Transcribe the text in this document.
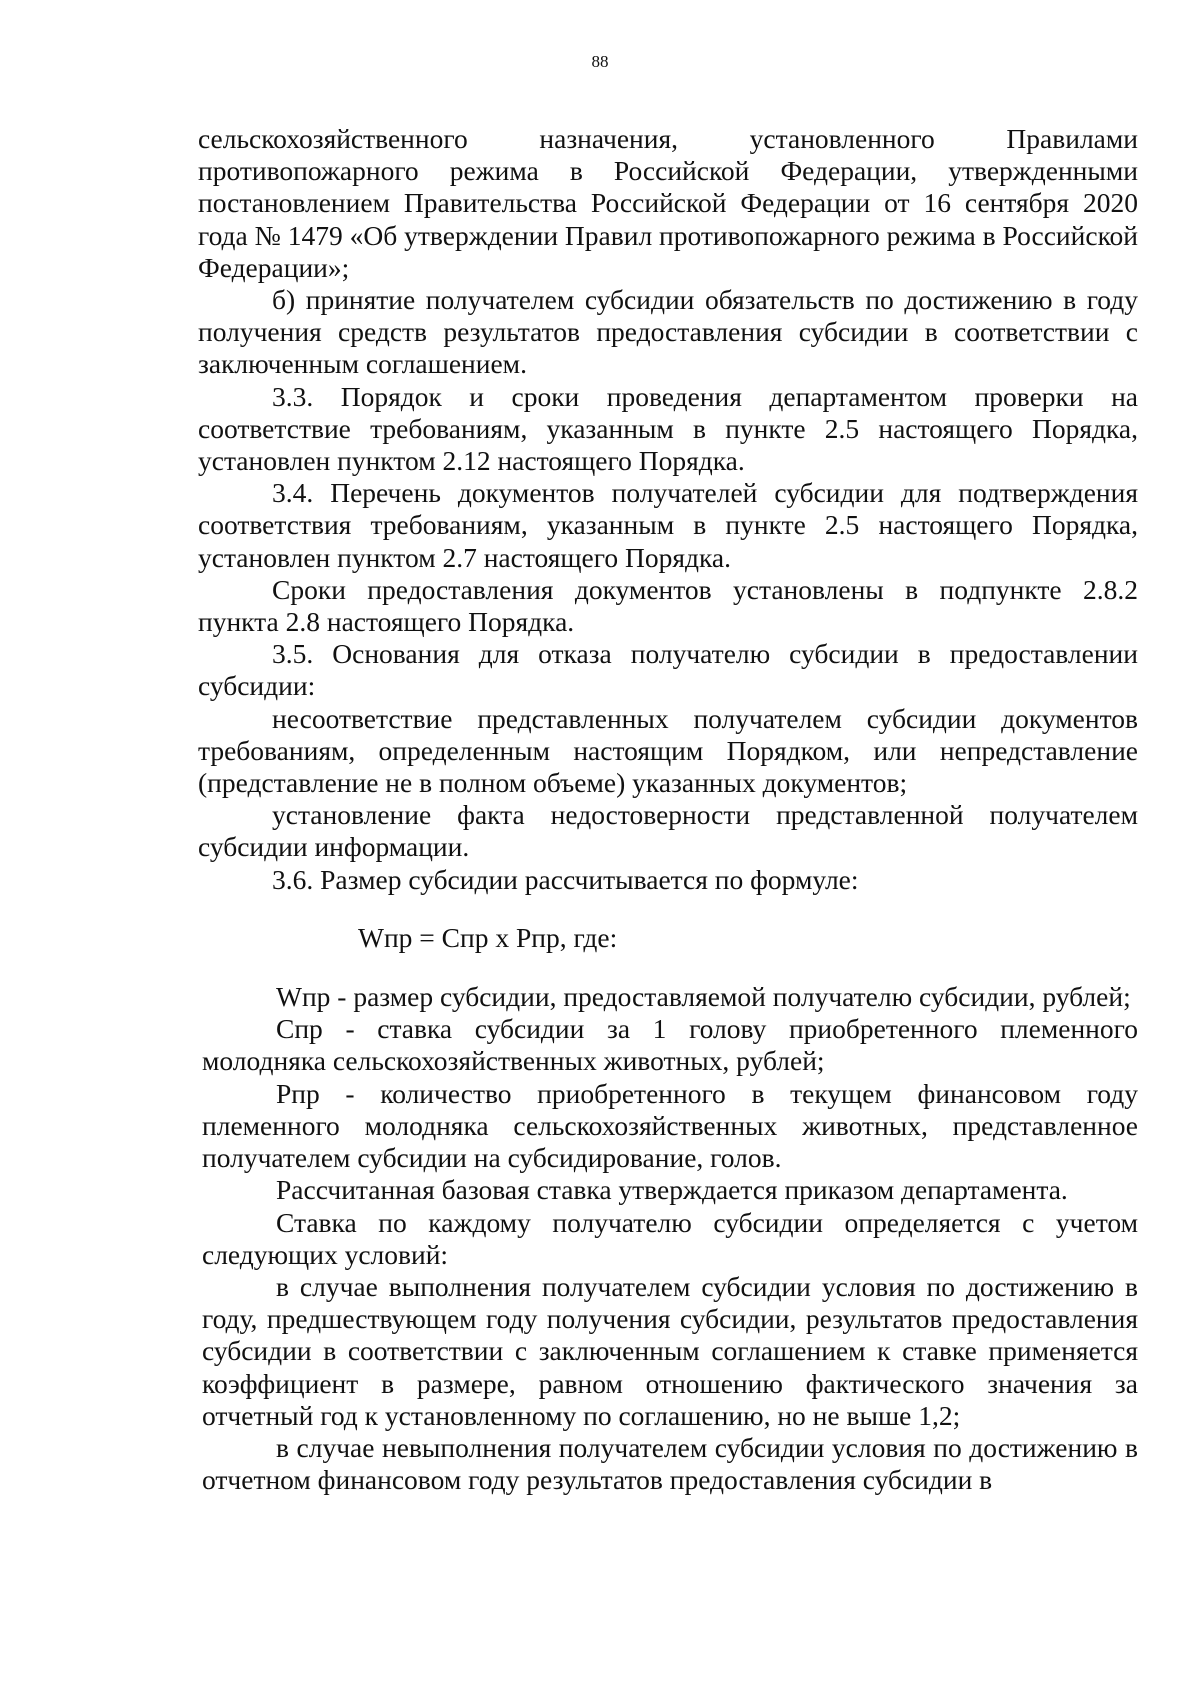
88

сельскохозяйственного назначения, установленного Правилами противопожарного режима в Российской Федерации, утвержденными постановлением Правительства Российской Федерации от 16 сентября 2020 года № 1479 «Об утверждении Правил противопожарного режима в Российской Федерации»;

б) принятие получателем субсидии обязательств по достижению в году получения средств результатов предоставления субсидии в соответствии с заключенным соглашением.

3.3. Порядок и сроки проведения департаментом проверки на соответствие требованиям, указанным в пункте 2.5 настоящего Порядка, установлен пунктом 2.12 настоящего Порядка.

3.4. Перечень документов получателей субсидии для подтверждения соответствия требованиям, указанным в пункте 2.5 настоящего Порядка, установлен пунктом 2.7 настоящего Порядка.

Сроки предоставления документов установлены в подпункте 2.8.2 пункта 2.8 настоящего Порядка.

3.5. Основания для отказа получателю субсидии в предоставлении субсидии:

несоответствие представленных получателем субсидии документов требованиям, определенным настоящим Порядком, или непредставление (представление не в полном объеме) указанных документов;

установление факта недостоверности представленной получателем субсидии информации.

3.6. Размер субсидии рассчитывается по формуле:

Wпр = Спр х Рпр, где:

Wпр - размер субсидии, предоставляемой получателю субсидии, рублей;

Спр - ставка субсидии за 1 голову приобретенного племенного молодняка сельскохозяйственных животных, рублей;

Рпр - количество приобретенного в текущем финансовом году племенного молодняка сельскохозяйственных животных, представленное получателем субсидии на субсидирование, голов.

Рассчитанная базовая ставка утверждается приказом департамента.

Ставка по каждому получателю субсидии определяется с учетом следующих условий:

в случае выполнения получателем субсидии условия по достижению в году, предшествующем году получения субсидии, результатов предоставления субсидии в соответствии с заключенным соглашением к ставке применяется коэффициент в размере, равном отношению фактического значения за отчетный год к установленному по соглашению, но не выше 1,2;

в случае невыполнения получателем субсидии условия по достижению в отчетном финансовом году результатов предоставления субсидии в
